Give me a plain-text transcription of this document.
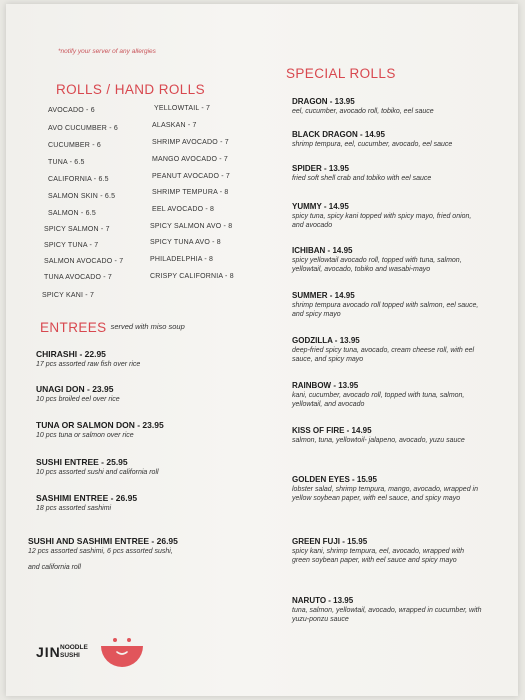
*notify your server of any allergies
ROLLS / HAND ROLLS
AVOCADO - 6
AVO CUCUMBER - 6
CUCUMBER - 6
TUNA - 6.5
CALIFORNIA - 6.5
SALMON SKIN - 6.5
SALMON - 6.5
SPICY SALMON - 7
SPICY TUNA - 7
SALMON AVOCADO - 7
TUNA AVOCADO - 7
SPICY KANI - 7
YELLOWTAIL - 7
ALASKAN - 7
SHRIMP AVOCADO - 7
MANGO AVOCADO - 7
PEANUT AVOCADO - 7
SHRIMP TEMPURA - 8
EEL AVOCADO - 8
SPICY SALMON AVO - 8
SPICY TUNA AVO - 8
PHILADELPHIA - 8
CRISPY CALIFORNIA - 8
ENTREES $^{served with miso soup}$
CHIRASHI - 22.95
17 pcs assorted raw fish over rice
UNAGI DON - 23.95
10 pcs broiled eel over rice
TUNA OR SALMON DON - 23.95
10 pcs tuna or salmon over rice
SUSHI ENTREE - 25.95
10 pcs assorted sushi and california roll
SASHIMI ENTREE - 26.95
18 pcs assorted sashimi
SUSHI AND SASHIMI ENTREE - 26.95
12 pcs assorted sashimi, 6 pcs assorted sushi,
and california roll
SPECIAL ROLLS
DRAGON - 13.95
eel, cucumber, avocado roll, tobiko, eel sauce
BLACK DRAGON - 14.95
shrimp tempura, eel, cucumber, avocado, eel sauce
SPIDER - 13.95
fried soft shell crab and tobiko with eel sauce
YUMMY - 14.95
spicy tuna, spicy kani topped with spicy mayo, fried onion, and avocado
ICHIBAN - 14.95
spicy yellowtail avocado roll, topped with tuna, salmon, yellowtail, avocado, tobiko and wasabi-mayo
SUMMER - 14.95
shrimp tempura avocado roll topped with salmon, eel sauce, and spicy mayo
GODZILLA - 13.95
deep-fried spicy tuna, avocado, cream cheese roll, with eel sauce, and spicy mayo
RAINBOW - 13.95
kani, cucumber, avocado roll, topped with tuna, salmon, yellowtail, and avocado
KISS OF FIRE - 14.95
salmon, tuna, yellowtoil- jalapeno, avocado, yuzu sauce
GOLDEN EYES - 15.95
lobster salad, shrimp tempura, mango, avocado, wrapped in yellow soybean paper, with eel sauce, and spicy mayo
GREEN FUJI - 15.95
spicy kani, shrimp tempura, eel, avocado, wrapped with green soybean paper, with eel sauce and spicy mayo
NARUTO - 13.95
tuna, salmon, yellowtail, avocado, wrapped in cucumber, with yuzu-ponzu sauce
JIN NOODLE
SUSHI
